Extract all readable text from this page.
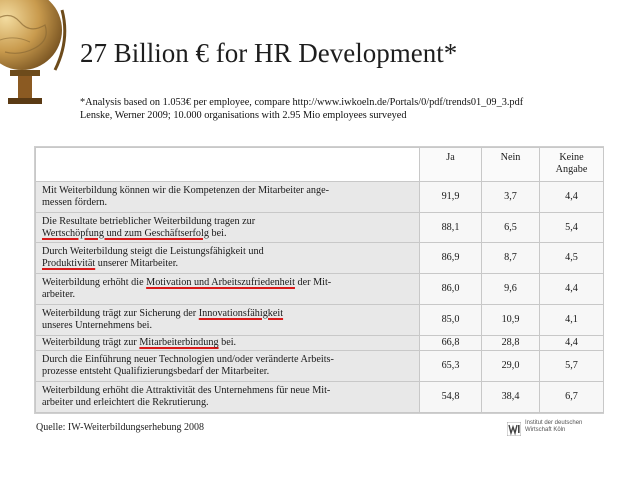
27 Billion € for HR Development*
*Analysis based on 1.053€ per employee, compare http://www.iwkoeln.de/Portals/0/pdf/trends01_09_3.pdf
Lenske, Werner 2009; 10.000 organisations with 2.95 Mio employees surveyed
	Ja	Nein	Keine
Angabe

Mit Weiterbildung können wir die Kompetenzen der Mitarbeiter ange-
messen fördern.	91,9	3,7	4,4

Die Resultate betrieblicher Weiterbildung tragen zur
Wertschöpfung und zum Geschäftserfolg bei.	88,1	6,5	5,4

Durch Weiterbildung steigt die Leistungsfähigkeit und
Produktivität unserer Mitarbeiter.	86,9	8,7	4,5

Weiterbildung erhöht die Motivation und Arbeitszufriedenheit der Mit-
arbeiter.	86,0	9,6	4,4

Weiterbildung trägt zur Sicherung der Innovationsfähigkeit
unseres Unternehmens bei.	85,0	10,9	4,1

Weiterbildung trägt zur Mitarbeiterbindung bei.	66,8	28,8	4,4

Durch die Einführung neuer Technologien und/oder veränderte Arbeits-
prozesse entsteht Qualifizierungsbedarf der Mitarbeiter.	65,3	29,0	5,7

Weiterbildung erhöht die Attraktivität des Unternehmens für neue Mit-
arbeiter und erleichtert die Rekrutierung.	54,8	38,4	6,7
Quelle: IW-Weiterbildungserhebung 2008	Institut der deutschen
Wirtschaft Köln
